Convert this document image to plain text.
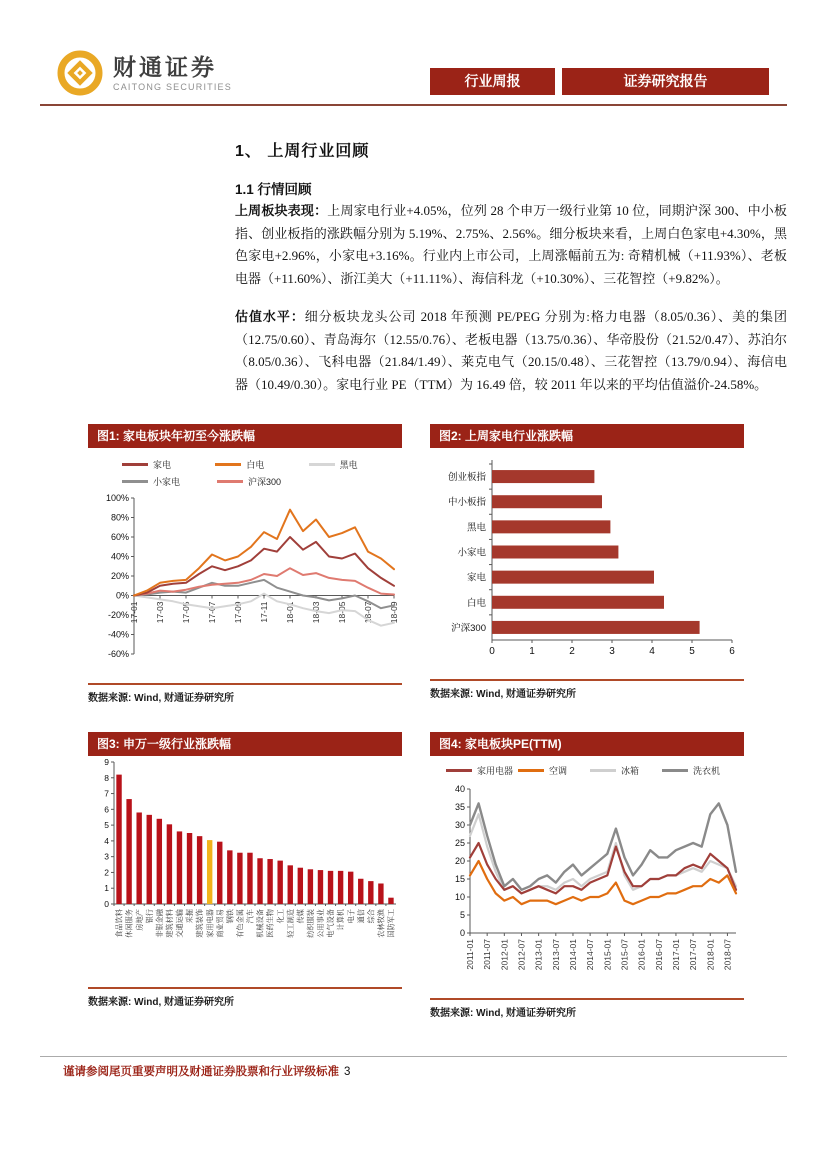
财通证券
CAITONG SECURITIES	行业周报	证券研究报告
1、 上周行业回顾
1.1 行情回顾
上周板块表现：上周家电行业+4.05%，位列 28 个申万一级行业第 10 位，同期沪深 300、中小板指、创业板指的涨跌幅分别为 5.19%、2.75%、2.56%。细分板块来看，上周白色家电+4.30%，黑色家电+2.96%，小家电+3.16%。行业内上市公司，上周涨幅前五为: 奇精机械（+11.93%）、老板电器（+11.60%）、浙江美大（+11.11%）、海信科龙（+10.30%）、三花智控（+9.82%）。
估值水平：细分板块龙头公司 2018 年预测 PE/PEG 分别为:格力电器（8.05/0.36）、美的集团（12.75/0.60）、青岛海尔（12.55/0.76）、老板电器（13.75/0.36）、华帝股份（21.52/0.47）、苏泊尔（8.05/0.36）、飞科电器（21.84/1.49）、莱克电气（20.15/0.48）、三花智控（13.79/0.94）、海信电器（10.49/0.30）。家电行业 PE（TTM）为 16.49 倍，较 2011 年以来的平均估值溢价-24.58%。
图1: 家电板块年初至今涨跌幅
家电	白电	黑电
小家电	沪深300
100%
80%
60%
40%
20%
0%
-20%
-40%
-60%
17-01 17-03 17-05 17-07 17-09 17-11 18-01 18-03 18-05 18-07 18-09
数据来源: Wind, 财通证券研究所
图2: 上周家电行业涨跌幅
0	1	2	3	4	5	6
创业板指
中小板指
黑电
小家电
家电
白电
沪深300
数据来源: Wind, 财通证券研究所
图3: 申万一级行业涨跌幅
0
1
2
3
4
5
6
7
8
9
食品饮料 休闲服务 房地产 银行 非银金融 建筑材料 交通运输 采掘 建筑装饰 家用电器 商业贸易 钢铁 有色金属 汽车 机械设备 医药生物 化工 轻工制造 传媒 纺织服装 公用事业 电气设备 计算机 电子 通信 综合 农林牧渔 国防军工
数据来源: Wind, 财通证券研究所
图4: 家电板块PE(TTM)
家用电器	空调	冰箱	洗衣机
40
35
30
25
20
15
10
5
0
2011-01 2011-07 2012-01 2012-07 2013-01 2013-07 2014-01 2014-07 2015-01 2015-07 2016-01 2016-07 2017-01 2017-07 2018-01 2018-07
数据来源: Wind, 财通证券研究所
谨请参阅尾页重要声明及财通证券股票和行业评级标准 3
